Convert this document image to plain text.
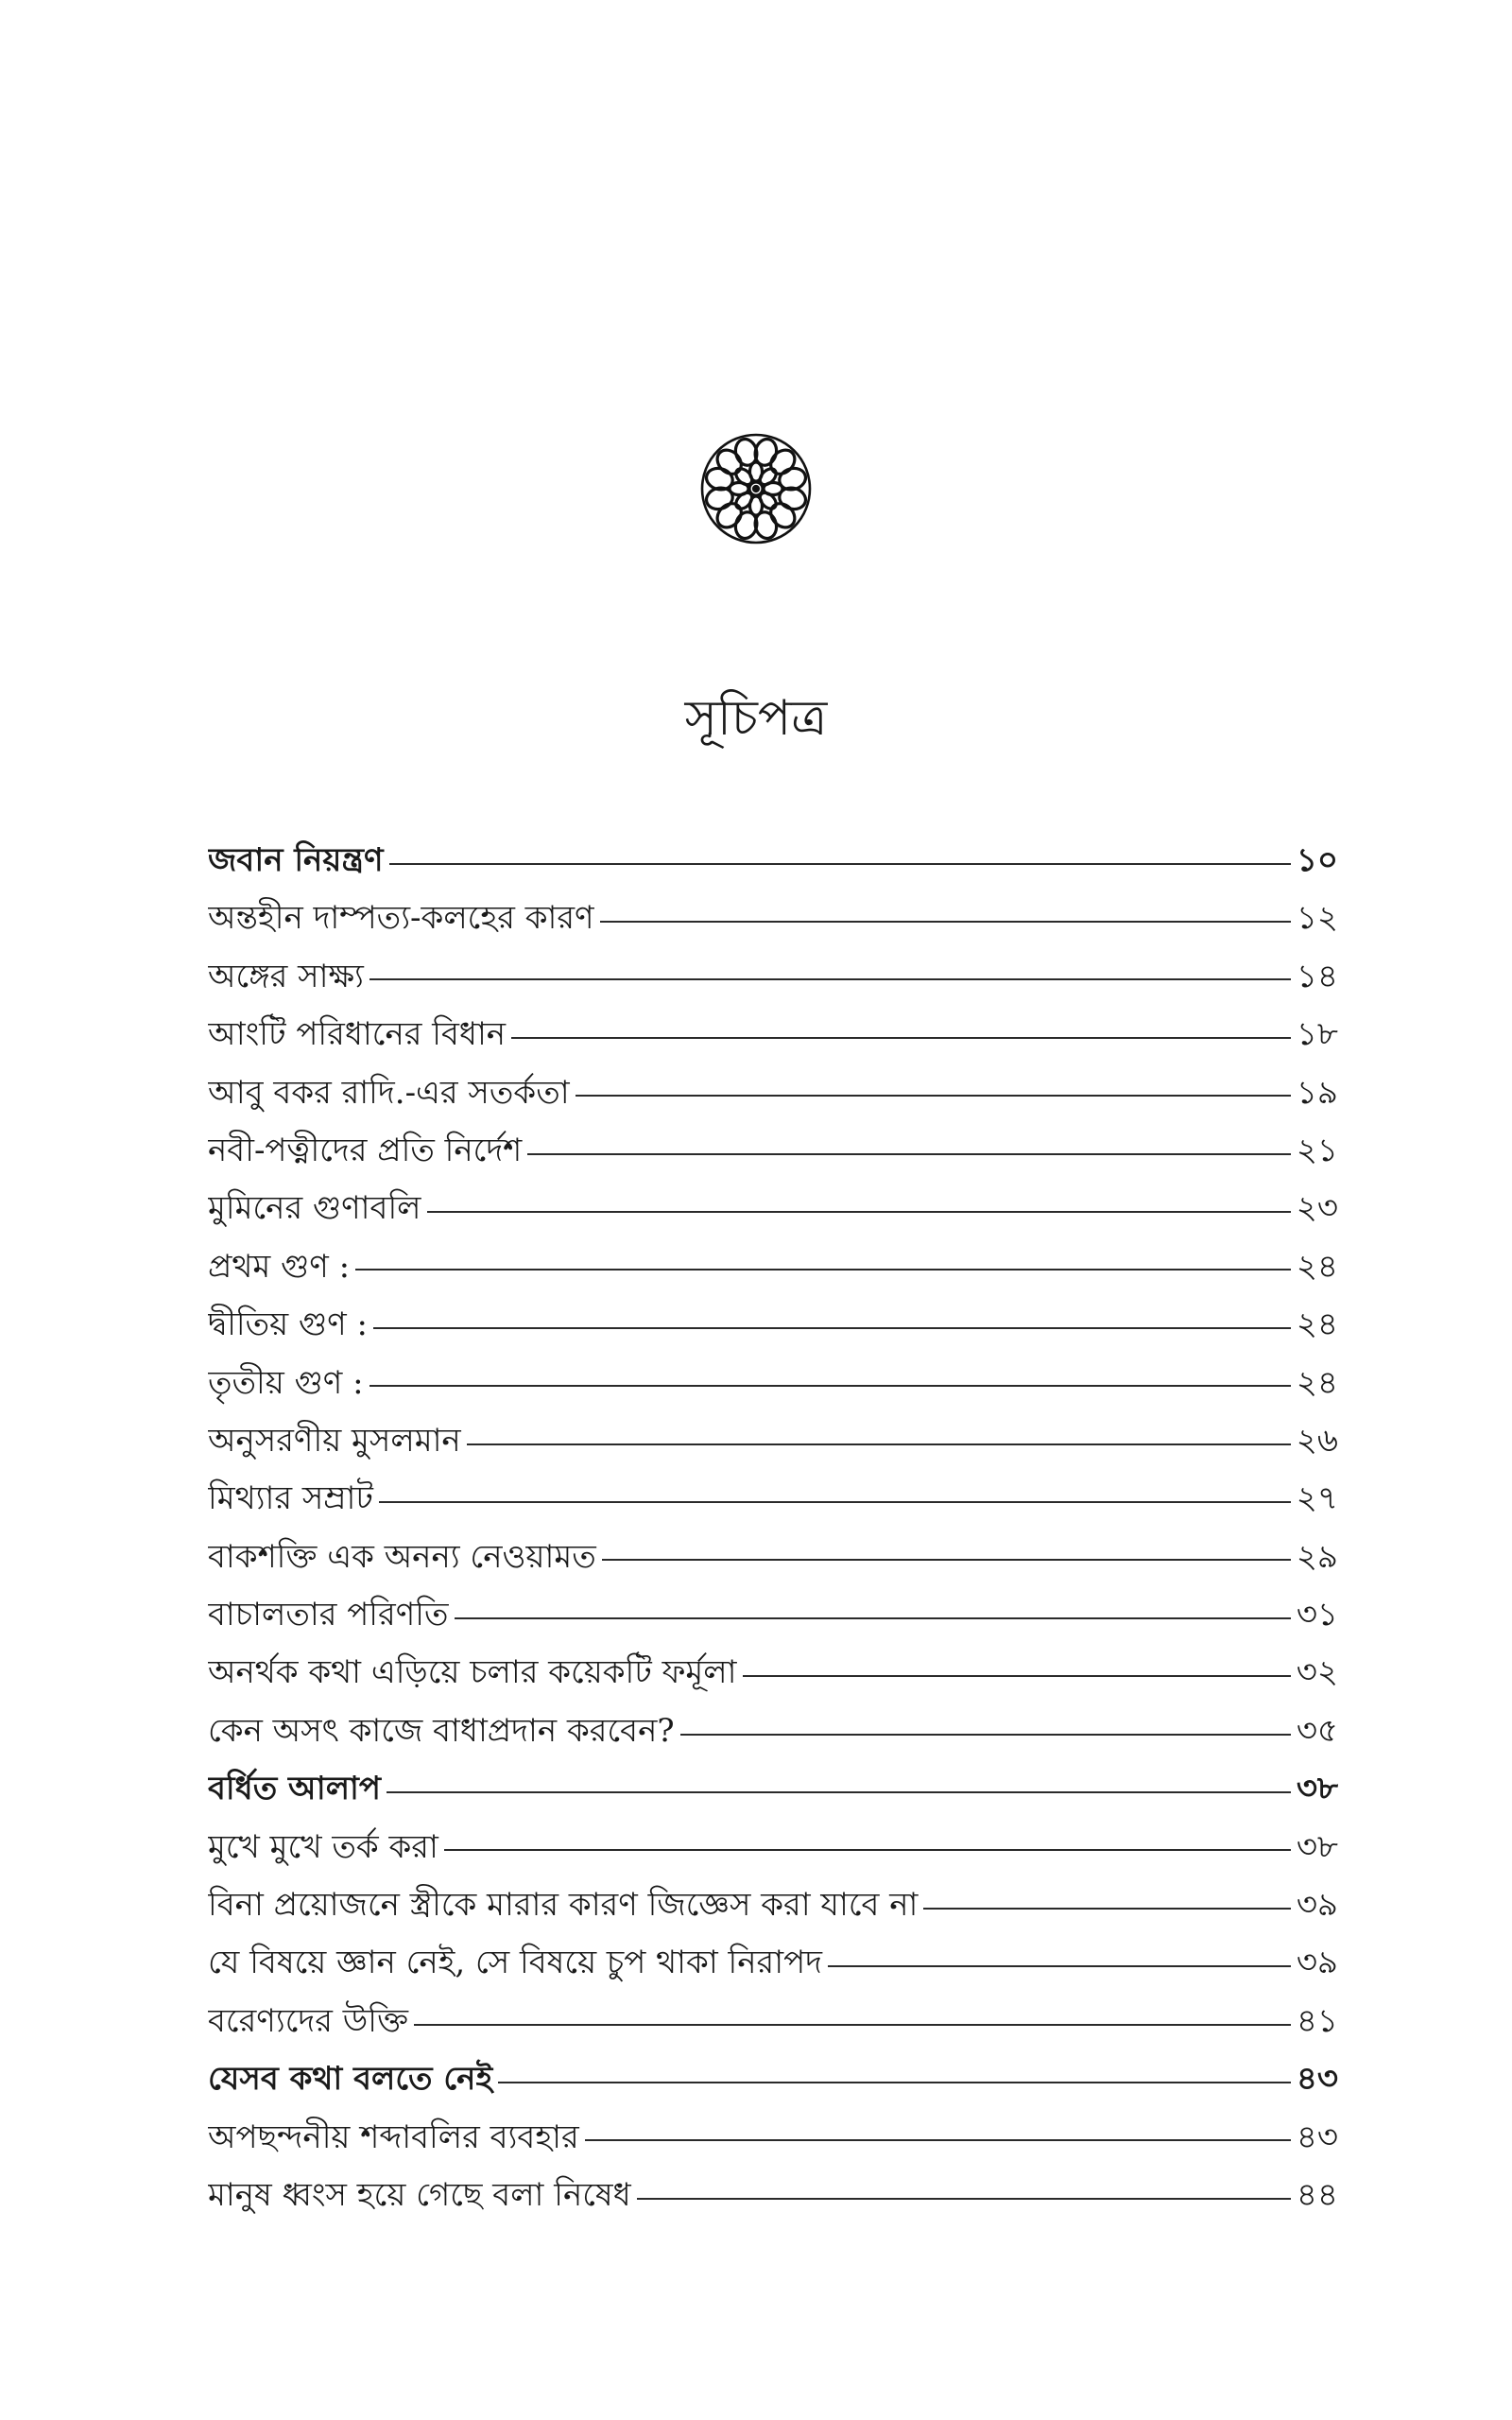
সূচিপত্র
জবান নিয়ন্ত্রণ	১০
অন্তহীন দাম্পত্য-কলহের কারণ	১২
অঙ্গের সাক্ষ্য	১৪
আংটি পরিধানের বিধান	১৮
আবু বকর রাদি.-এর সতর্কতা	১৯
নবী-পত্নীদের প্রতি নির্দেশ	২১
মুমিনের গুণাবলি	২৩
প্রথম গুণ :	২৪
দ্বীতিয় গুণ :	২৪
তৃতীয় গুণ :	২৪
অনুসরণীয় মুসলমান	২৬
মিথ্যার সম্রাট	২৭
বাকশক্তি এক অনন্য নেওয়ামত	২৯
বাচালতার পরিণতি	৩১
অনর্থক কথা এড়িয়ে চলার কয়েকটি ফর্মূলা	৩২
কেন অসৎ কাজে বাধাপ্রদান করবেন?	৩৫
বর্ধিত আলাপ	৩৮
মুখে মুখে তর্ক করা	৩৮
বিনা প্রয়োজনে স্ত্রীকে মারার কারণ জিজ্ঞেস করা যাবে না	৩৯
যে বিষয়ে জ্ঞান নেই, সে বিষয়ে চুপ থাকা নিরাপদ	৩৯
বরেণ্যদের উক্তি	৪১
যেসব কথা বলতে নেই	৪৩
অপছন্দনীয় শব্দাবলির ব্যবহার	৪৩
মানুষ ধ্বংস হয়ে গেছে বলা নিষেধ	৪৪
